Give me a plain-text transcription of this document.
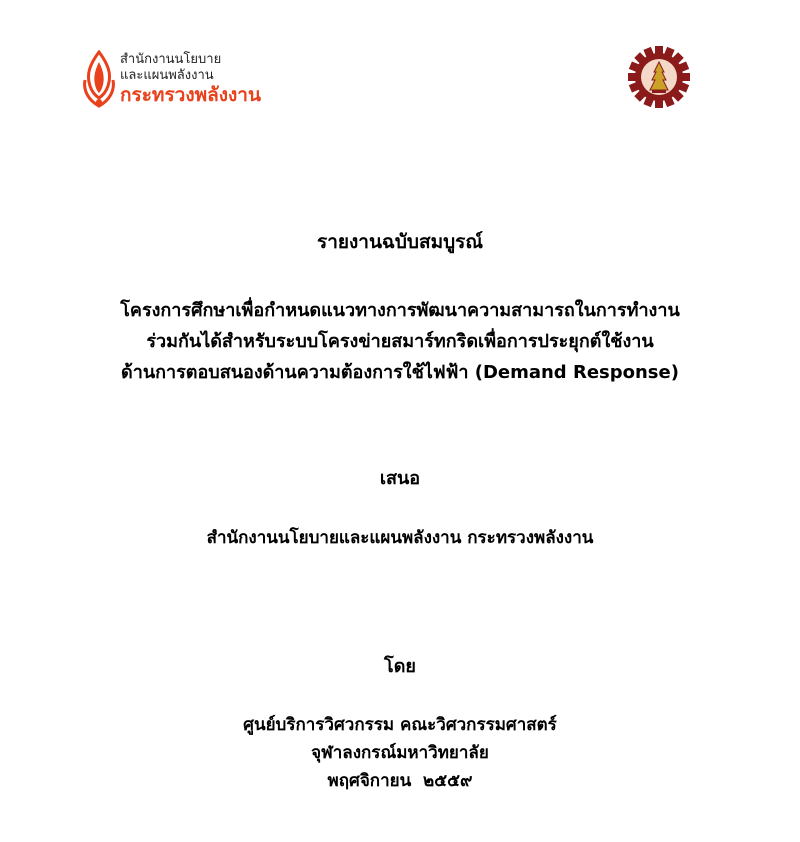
สำนักงานนโยบาย
และแผนพลังงาน
กระทรวงพลังงาน
รายงานฉบับสมบูรณ์
โครงการศึกษาเพื่อกำหนดแนวทางการพัฒนาความสามารถในการทำงาน
ร่วมกันได้สำหรับระบบโครงข่ายสมาร์ทกริดเพื่อการประยุกต์ใช้งาน
ด้านการตอบสนองด้านความต้องการใช้ไฟฟ้า (Demand Response)
เสนอ
สำนักงานนโยบายและแผนพลังงาน กระทรวงพลังงาน
โดย
ศูนย์บริการวิศวกรรม คณะวิศวกรรมศาสตร์
จุฬาลงกรณ์มหาวิทยาลัย
พฤศจิกายน  ๒๕๕๙
